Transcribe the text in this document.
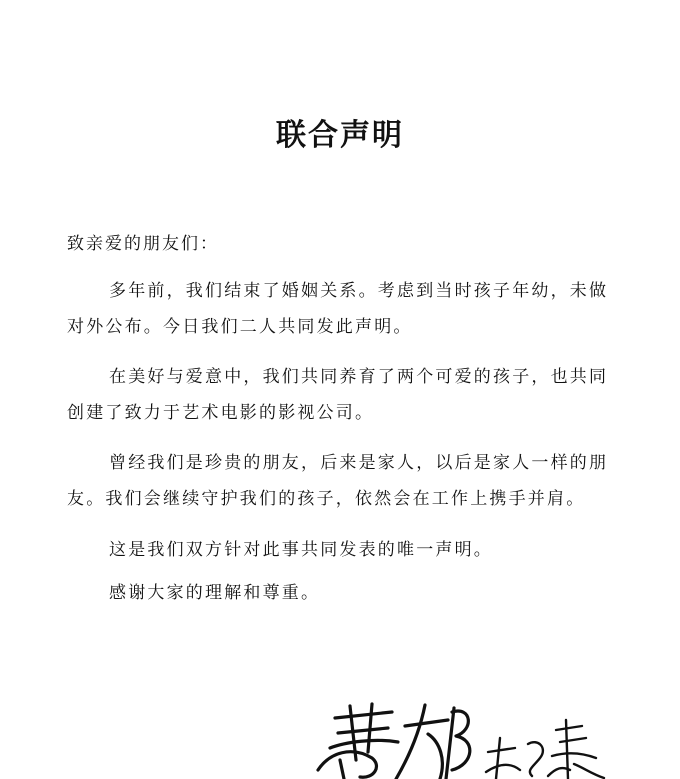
联合声明
致亲爱的朋友们：

多年前，我们结束了婚姻关系。考虑到当时孩子年幼，未做对外公布。今日我们二人共同发此声明。

在美好与爱意中，我们共同养育了两个可爱的孩子，也共同创建了致力于艺术电影的影视公司。

曾经我们是珍贵的朋友，后来是家人，以后是家人一样的朋友。我们会继续守护我们的孩子，依然会在工作上携手并肩。

这是我们双方针对此事共同发表的唯一声明。

感谢大家的理解和尊重。
